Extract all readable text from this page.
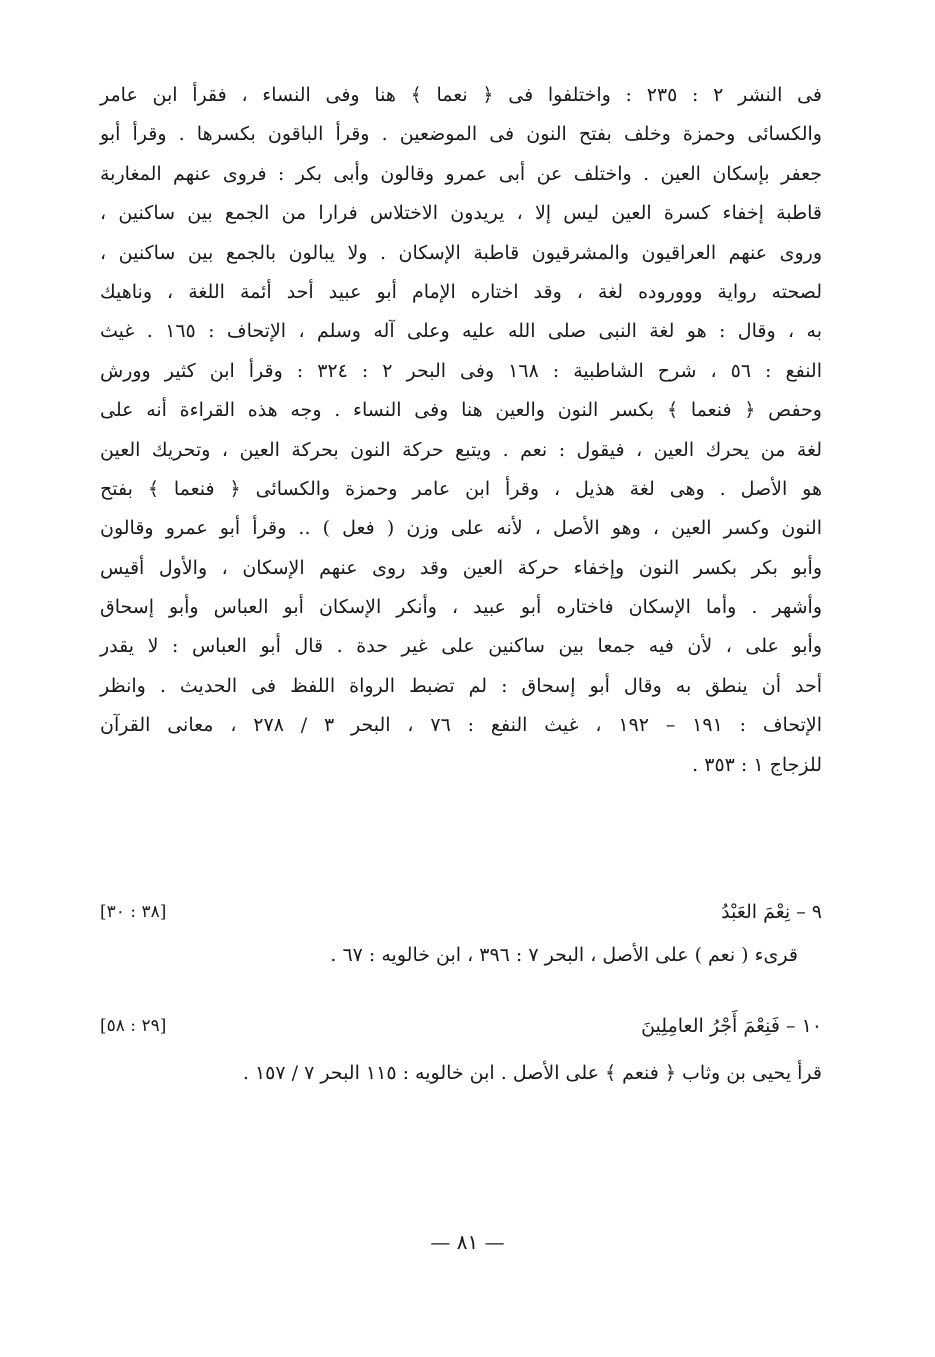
فى النشر ٢ : ٢٣٥ : واختلفوا فى ﴿ نعما ﴾ هنا وفى النساء ، فقرأ ابن عامر
والكسائى وحمزة وخلف بفتح النون فى الموضعين . وقرأ الباقون بكسرها . وقرأ أبو
جعفر بإسكان العين . واختلف عن أبى عمرو وقالون وأبى بكر : فروى عنهم المغاربة
قاطبة إخفاء كسرة العين ليس إلا ، يريدون الاختلاس فرارا من الجمع بين ساكنين ،
وروى عنهم العراقيون والمشرقيون قاطبة الإسكان . ولا يبالون بالجمع بين ساكنين ،
لصحته رواية وووروده لغة ، وقد اختاره الإمام أبو عبيد أحد أئمة اللغة ، وناهيك
به ، وقال : هو لغة النبى صلى الله عليه وعلى آله وسلم ، الإتحاف : ١٦٥ . غيث
النفع : ٥٦ ، شرح الشاطبية : ١٦٨ وفى البحر ٢ : ٣٢٤ : وقرأ ابن كثير وورش
وحفص ﴿ فنعما ﴾ بكسر النون والعين هنا وفى النساء . وجه هذه القراءة أنه على
لغة من يحرك العين ، فيقول : نعم . ويتبع حركة النون بحركة العين ، وتحريك العين
هو الأصل . وهى لغة هذيل ، وقرأ ابن عامر وحمزة والكسائى ﴿ فنعما ﴾ بفتح
النون وكسر العين ، وهو الأصل ، لأنه على وزن ( فعل ) .. وقرأ أبو عمرو وقالون
وأبو بكر بكسر النون وإخفاء حركة العين وقد روى عنهم الإسكان ، والأول أقيس
وأشهر . وأما الإسكان فاختاره أبو عبيد ، وأنكر الإسكان أبو العباس وأبو إسحاق
وأبو على ، لأن فيه جمعا بين ساكنين على غير حدة . قال أبو العباس : لا يقدر
أحد أن ينطق به وقال أبو إسحاق : لم تضبط الرواة اللفظ فى الحديث . وانظر
الإتحاف : ١٩١ – ١٩٢ ، غيث النفع : ٧٦ ، البحر ٣ / ٢٧٨ ، معانى القرآن
للزجاج ١ : ٣٥٣ .
٩ – نِعْمَ العَبْدُ
[٣٨ : ٣٠]
قرىء ( نعم ) على الأصل ، البحر ٧ : ٣٩٦ ، ابن خالويه : ٦٧ .
١٠ – فَنِعْمَ أَجْرُ العامِلِينَ
[٢٩ : ٥٨]
قرأ يحيى بن وثاب ﴿ فنعم ﴾ على الأصل . ابن خالويه : ١١٥ البحر ٧ / ١٥٧ .
— ٨١ —
